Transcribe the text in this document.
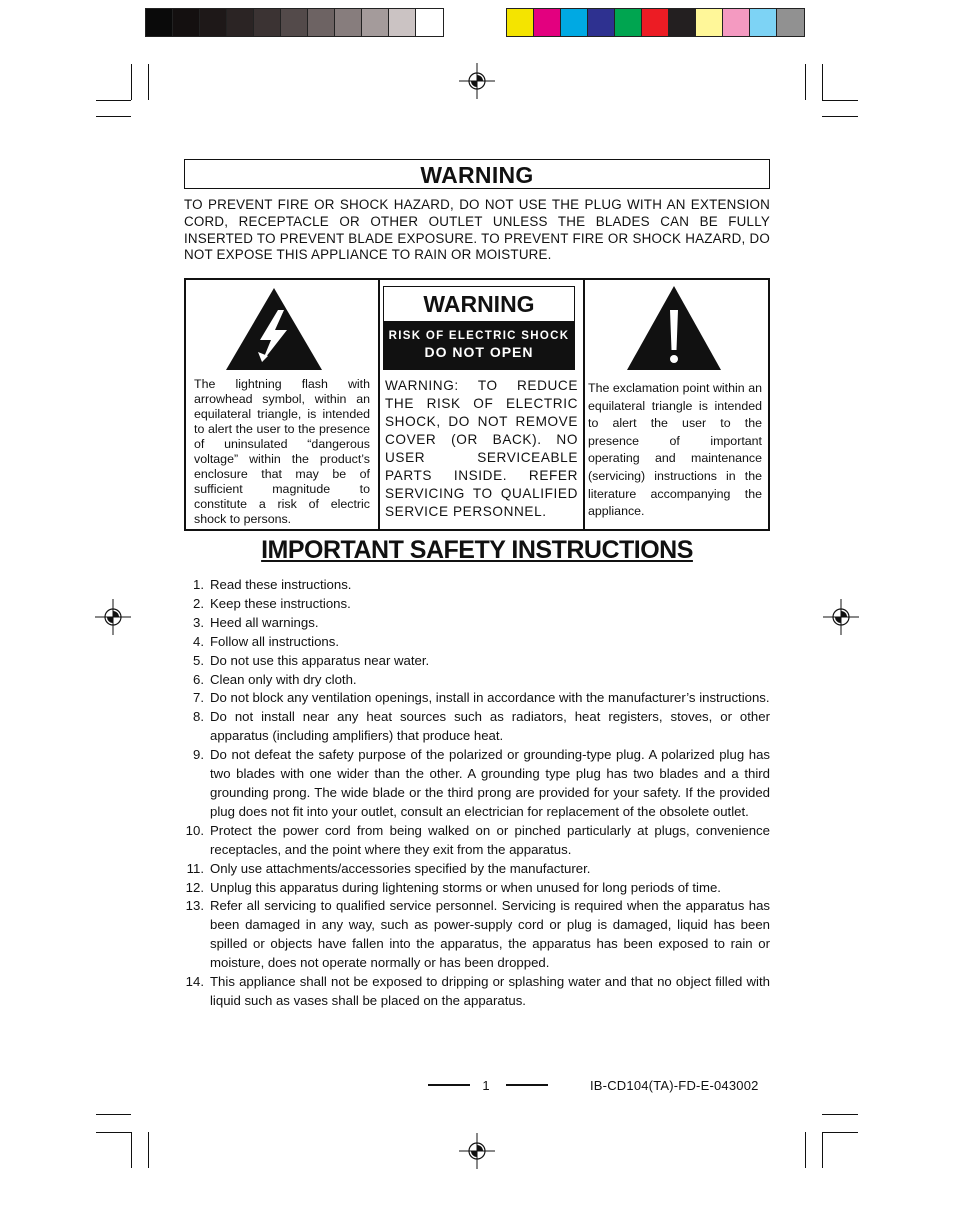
WARNING
TO PREVENT FIRE OR SHOCK HAZARD, DO NOT USE THE PLUG WITH AN EXTENSION CORD, RECEPTACLE OR OTHER OUTLET UNLESS THE BLADES CAN BE FULLY INSERTED TO PREVENT BLADE EXPOSURE. TO PREVENT FIRE OR SHOCK HAZARD, DO NOT EXPOSE THIS APPLIANCE TO RAIN OR MOISTURE.
The lightning flash with arrowhead symbol, within an equilateral triangle, is intended to alert the user to the presence of uninsulated “dangerous voltage” within the product’s enclosure that may be of sufficient magnitude to constitute a risk of electric shock to persons.
WARNING
RISK OF ELECTRIC SHOCK
DO NOT OPEN
WARNING: TO REDUCE THE RISK OF ELECTRIC SHOCK, DO NOT REMOVE COVER (OR BACK). NO USER SERVICEABLE PARTS INSIDE. REFER SERVICING TO QUALIFIED SERVICE PERSONNEL.
The exclamation point within an equilateral triangle is intended to alert the user to the presence of important operating and maintenance (servicing) instructions in the literature accompanying the appliance.
IMPORTANT SAFETY INSTRUCTIONS
1. Read these instructions.
2. Keep these instructions.
3. Heed all warnings.
4. Follow all instructions.
5. Do not use this apparatus near water.
6. Clean only with dry cloth.
7. Do not block any ventilation openings, install in accordance with the manufacturer’s instructions.
8. Do not install near any heat sources such as radiators, heat registers, stoves, or other apparatus (including amplifiers) that produce heat.
9. Do not defeat the safety purpose of the polarized or grounding-type plug. A polarized plug has two blades with one wider than the other. A grounding type plug has two blades and a third grounding prong. The wide blade or the third prong are provided for your safety. If the provided plug does not fit into your outlet, consult an electrician for replacement of the obsolete outlet.
10. Protect the power cord from being walked on or pinched particularly at plugs, convenience receptacles, and the point where they exit from the apparatus.
11. Only use attachments/accessories specified by the manufacturer.
12. Unplug this apparatus during lightening storms or when unused for long periods of time.
13. Refer all servicing to qualified service personnel. Servicing is required when the apparatus has been damaged in any way, such as power-supply cord or plug is damaged, liquid has been spilled or objects have fallen into the apparatus, the apparatus has been exposed to rain or moisture, does not operate normally or has been dropped.
14. This appliance shall not be exposed to dripping or splashing water and that no object filled with liquid such as vases shall be placed on the apparatus.
1	IB-CD104(TA)-FD-E-043002
